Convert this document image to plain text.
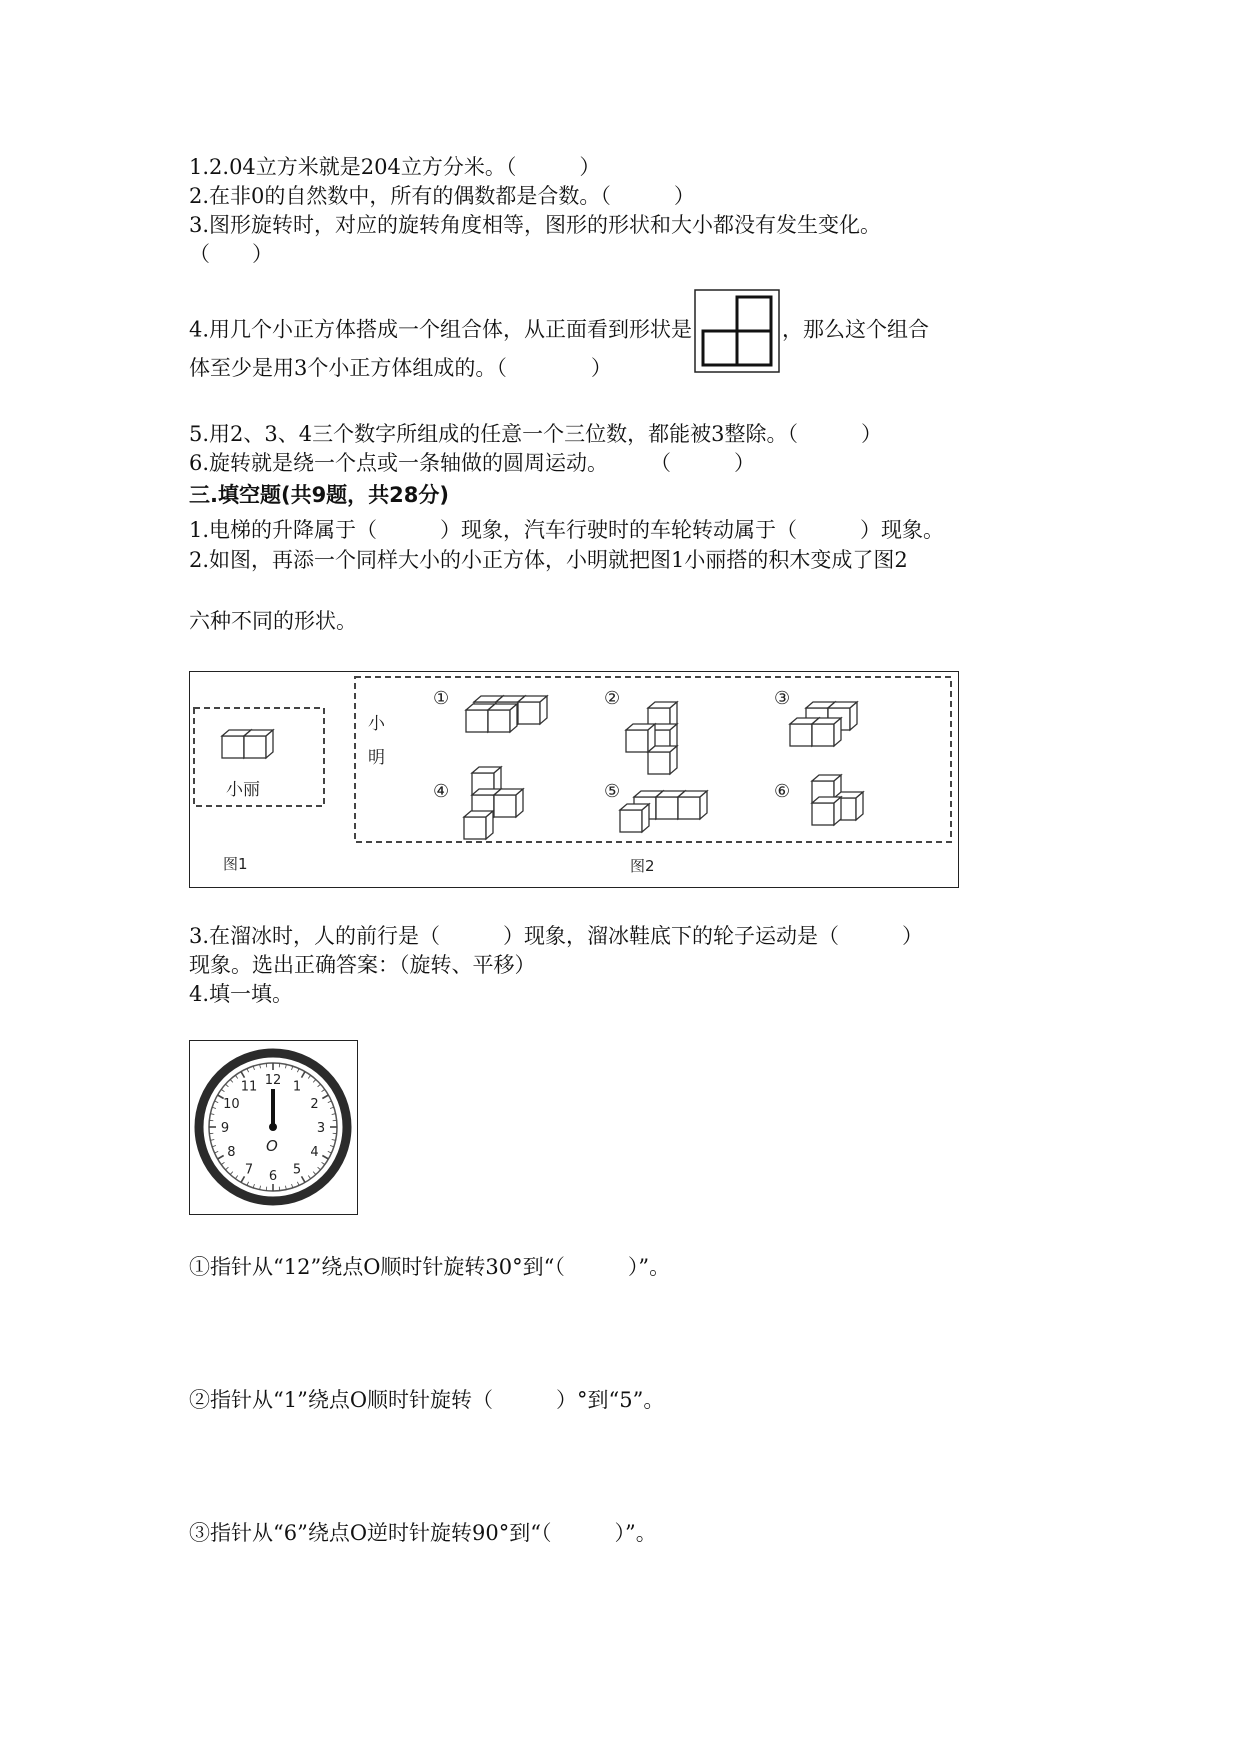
1.2.04立方米就是204立方分米。（　　　）
2.在非0的自然数中，所有的偶数都是合数。（　　　）
3.图形旋转时，对应的旋转角度相等，图形的形状和大小都没有发生变化。
（　　）
4.用几个小正方体搭成一个组合体，从正面看到形状是	，那么这个组合
体至少是用3个小正方体组成的。（　　　　）
5.用2、3、4三个数字所组成的任意一个三位数，都能被3整除。（　　　）
6.旋转就是绕一个点或一条轴做的圆周运动。　　　（　　　）
三.填空题(共9题，共28分)
1.电梯的升降属于（　　　）现象，汽车行驶时的车轮转动属于（　　　）现象。
2.如图，再添一个同样大小的小正方体，小明就把图1小丽搭的积木变成了图2
六种不同的形状。
小丽
图1
小
明
图2
①	②	③
④	⑤	⑥
3.在溜冰时，人的前行是（　　　）现象，溜冰鞋底下的轮子运动是（　　　）
现象。选出正确答案：（旋转、平移）
4.填一填。
12 1
2
3
4
5
6
7
8
9
10
11
O
①指针从“12”绕点O顺时针旋转30°到“（　　　）”。
②指针从“1”绕点O顺时针旋转（　　　）°到“5”。
③指针从“6”绕点O逆时针旋转90°到“（　　　）”。
